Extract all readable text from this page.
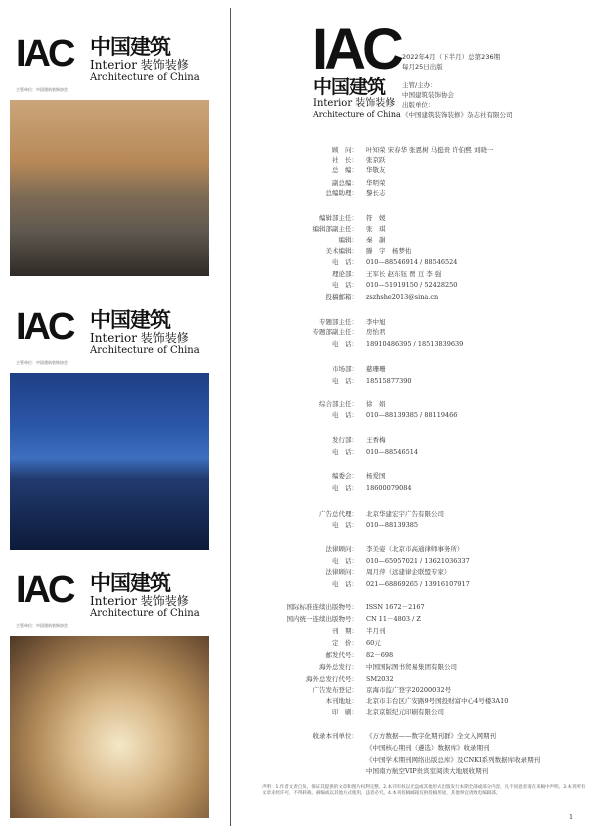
IAC 中国建筑
Interior 装饰装修
Architecture of China
主管单位：中国建筑装饰协会
IAC 中国建筑
Interior 装饰装修
Architecture of China
主管单位：中国建筑装饰协会
IAC 中国建筑
Interior 装饰装修
Architecture of China
主管单位：中国建筑装饰协会
IAC
中国建筑
Interior 装饰装修
Architecture of China
2022年4月（下半月）总第236期
每月25日出版
主管/主办：
中国建筑装饰协会
出版单位：
《中国建筑装饰装修》杂志社有限公司
顾　问： 叶知荣 宋春华 张恩树 马挺贵 许伯熙 刘晓一
社　长： 张京跃
总　编： 华敬友
副总编： 华明荣
总编助理： 黎长志
编辑部主任： 符　媛
编辑部副主任： 张　琪
编辑： 秦　韻
美术编辑： 滕　宇　杨梦佑
电　话： 010—88546914 / 88546524
理论部： 王军长 赵东钰 贾 亘 李 强
电　话： 010—51919150 / 52428250
投稿邮箱： zszhshe2013@sina.cn
专题部主任： 李中旭
专题部副主任： 房怡君
电　话： 18910486395 / 18513839639
市场部： 慈珊珊
电　话： 18515877390
综合部主任： 徐　娟
电　话： 010—88139385 / 88119466
发行部： 王香梅
电　话： 010—88546514
编委会： 杨爱国
电　话： 18600079084
广告总代理： 北京华建宏宇广告有限公司
电　话： 010—88139385
法律顾问： 李美姿（北京市高通律师事务所）
电　话： 010—65957021 / 13621036337
法律顾问： 周月萍（远建律企联盟专家）
电　话： 021—68869265 / 13916107917
国际标准连续出版物号： ISSN 1672－2167
国内统一连续出版物号： CN 11－4803 / Z
刊　期： 半月刊
定　价： 60元
邮发代号： 82－698
海外总发行： 中国国际图书贸易集团有限公司
海外总发行代号： SM2032
广告发布登记： 京海市监广登字20200032号
本刊地址： 北京市丰台区广安路9号国投财富中心4号楼3A10
印　刷： 北京京版纪元印刷有限公司
收录本刊单位： 《万方数据——数字化期刊群》全文入网期刊
《中国核心期刊（遴选）数据库》收录期刊
《中国学术期刊网络出版总库》及CNKI系列数据库收录期刊
中国南方航空VIP贵宾室阅读大地展收期刊
声明：1.作者文责自负，保证其提供的文章和图片权利完整。2.本刊有权以光盘或其他形式出版发行本期全部或部分内容，凡不同意者请在来稿中声明。3.本刊所有文章未经许可，不得转载、摘编或以其他方式使用，违者必究。4.本刊投稿邮箱仅供投稿用途，其他事宜请致电编辑部。
1
